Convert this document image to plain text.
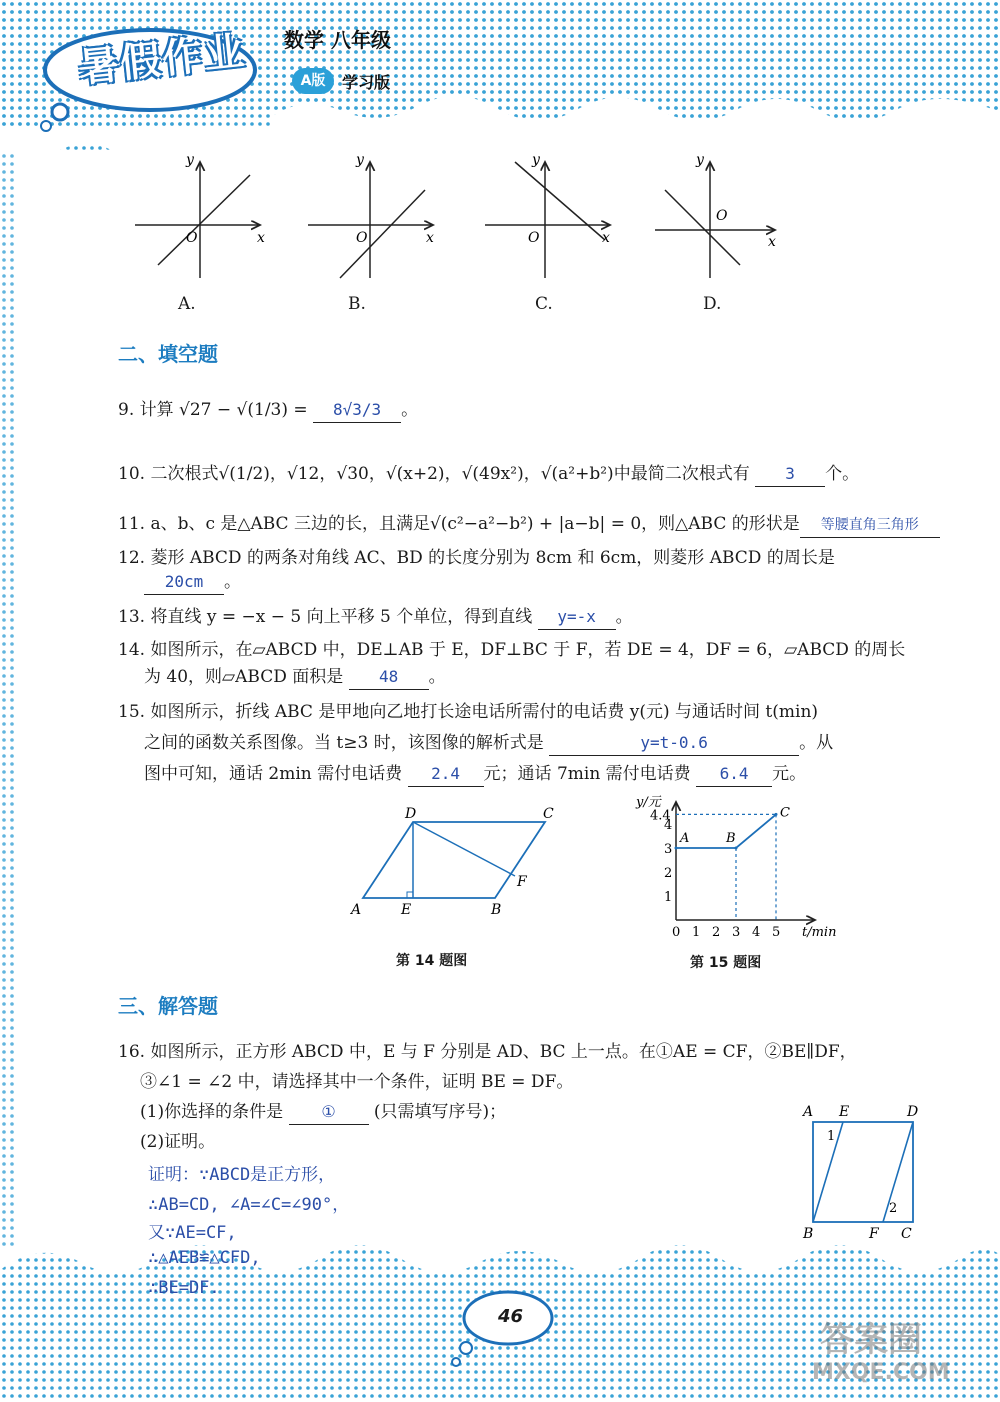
暑假作业 数学 八年级
A版	学习版
O	x
y
O	x
y
O	x
y
O
x
y
A.	B.	C.	D.
二、填空题
9. 计算 √27 − √(1/3) = 8√3/3 。
10. 二次根式√(1/2)，√12，√30，√(x+2)，√(49x²)，√(a²+b²)中最简二次根式有 3 个。
11. a、b、c 是△ABC 三边的长，且满足√(c²−a²−b²) + |a−b| = 0，则△ABC 的形状是 等腰直角三角形
12. 菱形 ABCD 的两条对角线 AC、BD 的长度分别为 8cm 和 6cm，则菱形 ABCD 的周长是
20cm 。
13. 将直线 y = −x − 5 向上平移 5 个单位，得到直线 y=-x 。
14. 如图所示，在▱ABCD 中，DE⊥AB 于 E，DF⊥BC 于 F，若 DE = 4，DF = 6，▱ABCD 的周长
为 40，则▱ABCD 面积是 48 。
15. 如图所示，折线 ABC 是甲地向乙地打长途电话所需付的电话费 y(元) 与通话时间 t(min)
之间的函数关系图像。当 t≥3 时，该图像的解析式是	y=t-0.6	。从
图中可知，通话 2min 需付电话费 2.4 元；通话 7min 需付电话费 6.4 元。
A	B
C
D
E
F
第 14 题图
y/元
t/min
0 1 2 3 4 5
1
2
3
4
4.4
A	B
C
第 15 题图
三、解答题
16. 如图所示，正方形 ABCD 中，E 与 F 分别是 AD、BC 上一点。在①AE = CF，②BE∥DF，
③∠1 = ∠2 中，请选择其中一个条件，证明 BE = DF。
(1)你选择的条件是 ① (只需填写序号)；
(2)证明。
证明：∵ABCD是正方形，
∴AB=CD, ∠A=∠C=∠90°，
又∵AE=CF,
∴△AEB≌△CFD,
∴BE=DF.
A E	D
B	F C
1
2
46
答案圈
MXQE.COM
